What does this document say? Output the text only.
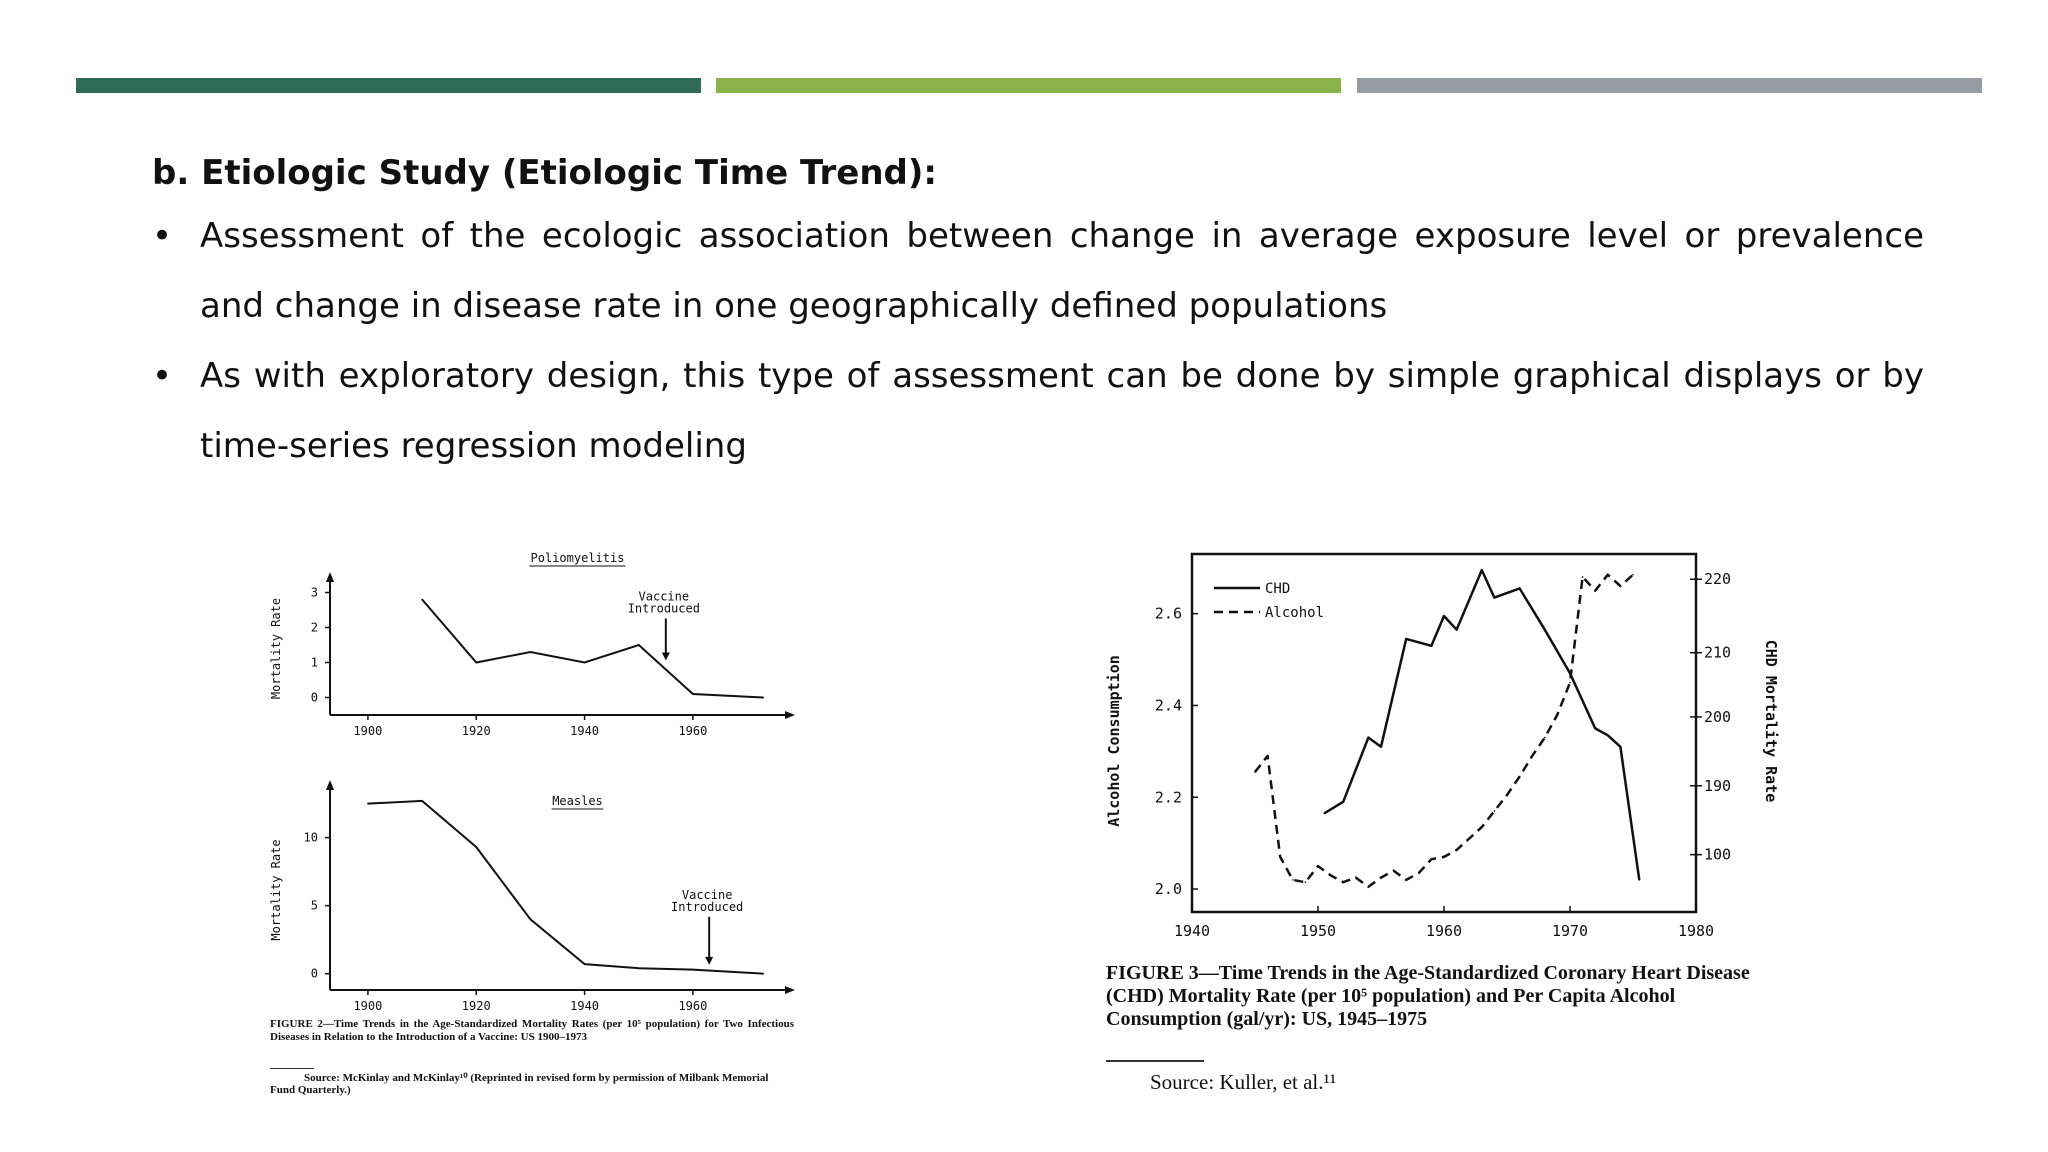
b. Etiologic Study (Etiologic Time Trend):

• Assessment of the ecologic association between change in average exposure level or prevalence and change in disease rate in one geographically defined populations
• As with exploratory design, this type of assessment can be done by simple graphical displays or by time-series regression modeling
1900	1920	1940	1960
0
1
2
3
Mortality Rate
Poliomyelitis
Vaccine
Introduced
1900	1920	1940	1960
0
5
10
Mortality Rate
Measles
Vaccine
Introduced
FIGURE 2—Time Trends in the Age-Standardized Mortality Rates (per 10⁵ population) for Two Infectious Diseases in Relation to the Introduction of a Vaccine: US 1900–1973
Source: McKinlay and McKinlay¹⁰ (Reprinted in revised form by permission of Milbank Memorial Fund Quarterly.)
1940	1950	1960	1970	1980
2.0
2.2
2.4
2.6
220
210
200
190
100
Alcohol Consumption	CHD Mortality Rate
CHD
Alcohol
FIGURE 3—Time Trends in the Age-Standardized Coronary Heart Disease (CHD) Mortality Rate (per 10⁵ population) and Per Capita Alcohol Consumption (gal/yr): US, 1945–1975
Source: Kuller, et al.¹¹
